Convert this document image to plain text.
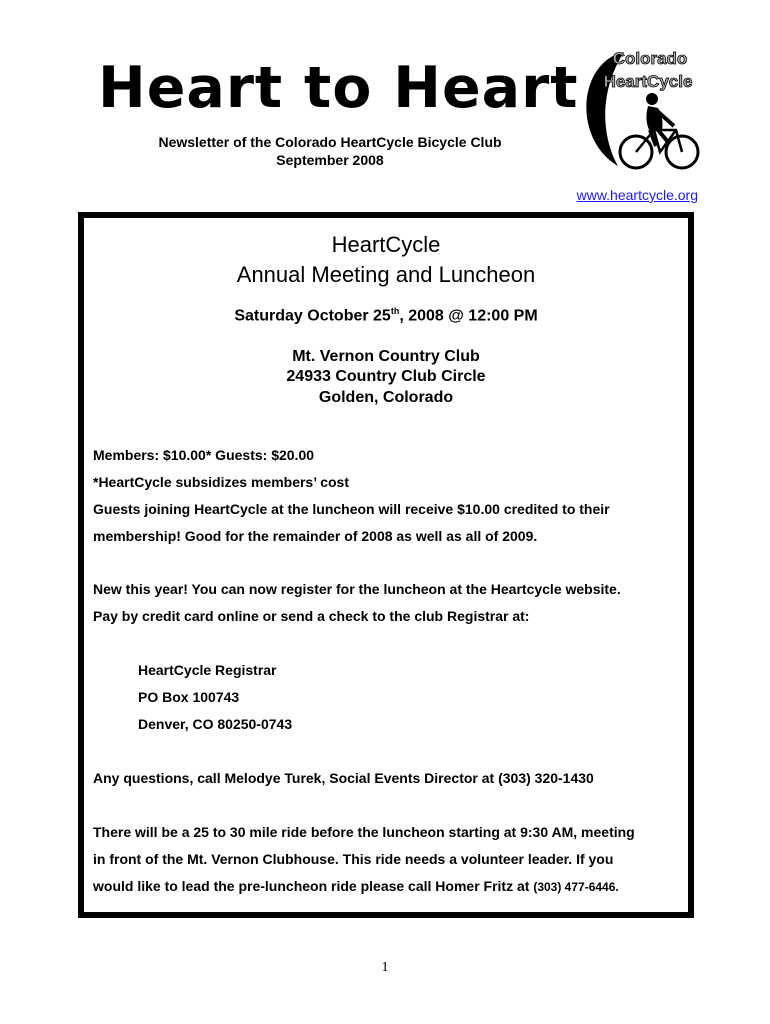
Heart to Heart
Newsletter of the Colorado HeartCycle Bicycle Club
September 2008
Colorado
HeartCycle
www.heartcycle.org
HeartCycle
Annual Meeting and Luncheon
Saturday October 25th, 2008 @ 12:00 PM
Mt. Vernon Country Club
24933 Country Club Circle
Golden, Colorado
Members: $10.00* Guests: $20.00
*HeartCycle subsidizes members’ cost
Guests joining HeartCycle at the luncheon will receive $10.00 credited to their
membership! Good for the remainder of 2008 as well as all of 2009.
New this year! You can now register for the luncheon at the Heartcycle website.
Pay by credit card online or send a check to the club Registrar at:
HeartCycle Registrar
PO Box 100743
Denver, CO 80250-0743
Any questions, call Melodye Turek, Social Events Director at (303) 320-1430
There will be a 25 to 30 mile ride before the luncheon starting at 9:30 AM, meeting
in front of the Mt. Vernon Clubhouse. This ride needs a volunteer leader. If you
would like to lead the pre-luncheon ride please call Homer Fritz at (303) 477-6446.
1
